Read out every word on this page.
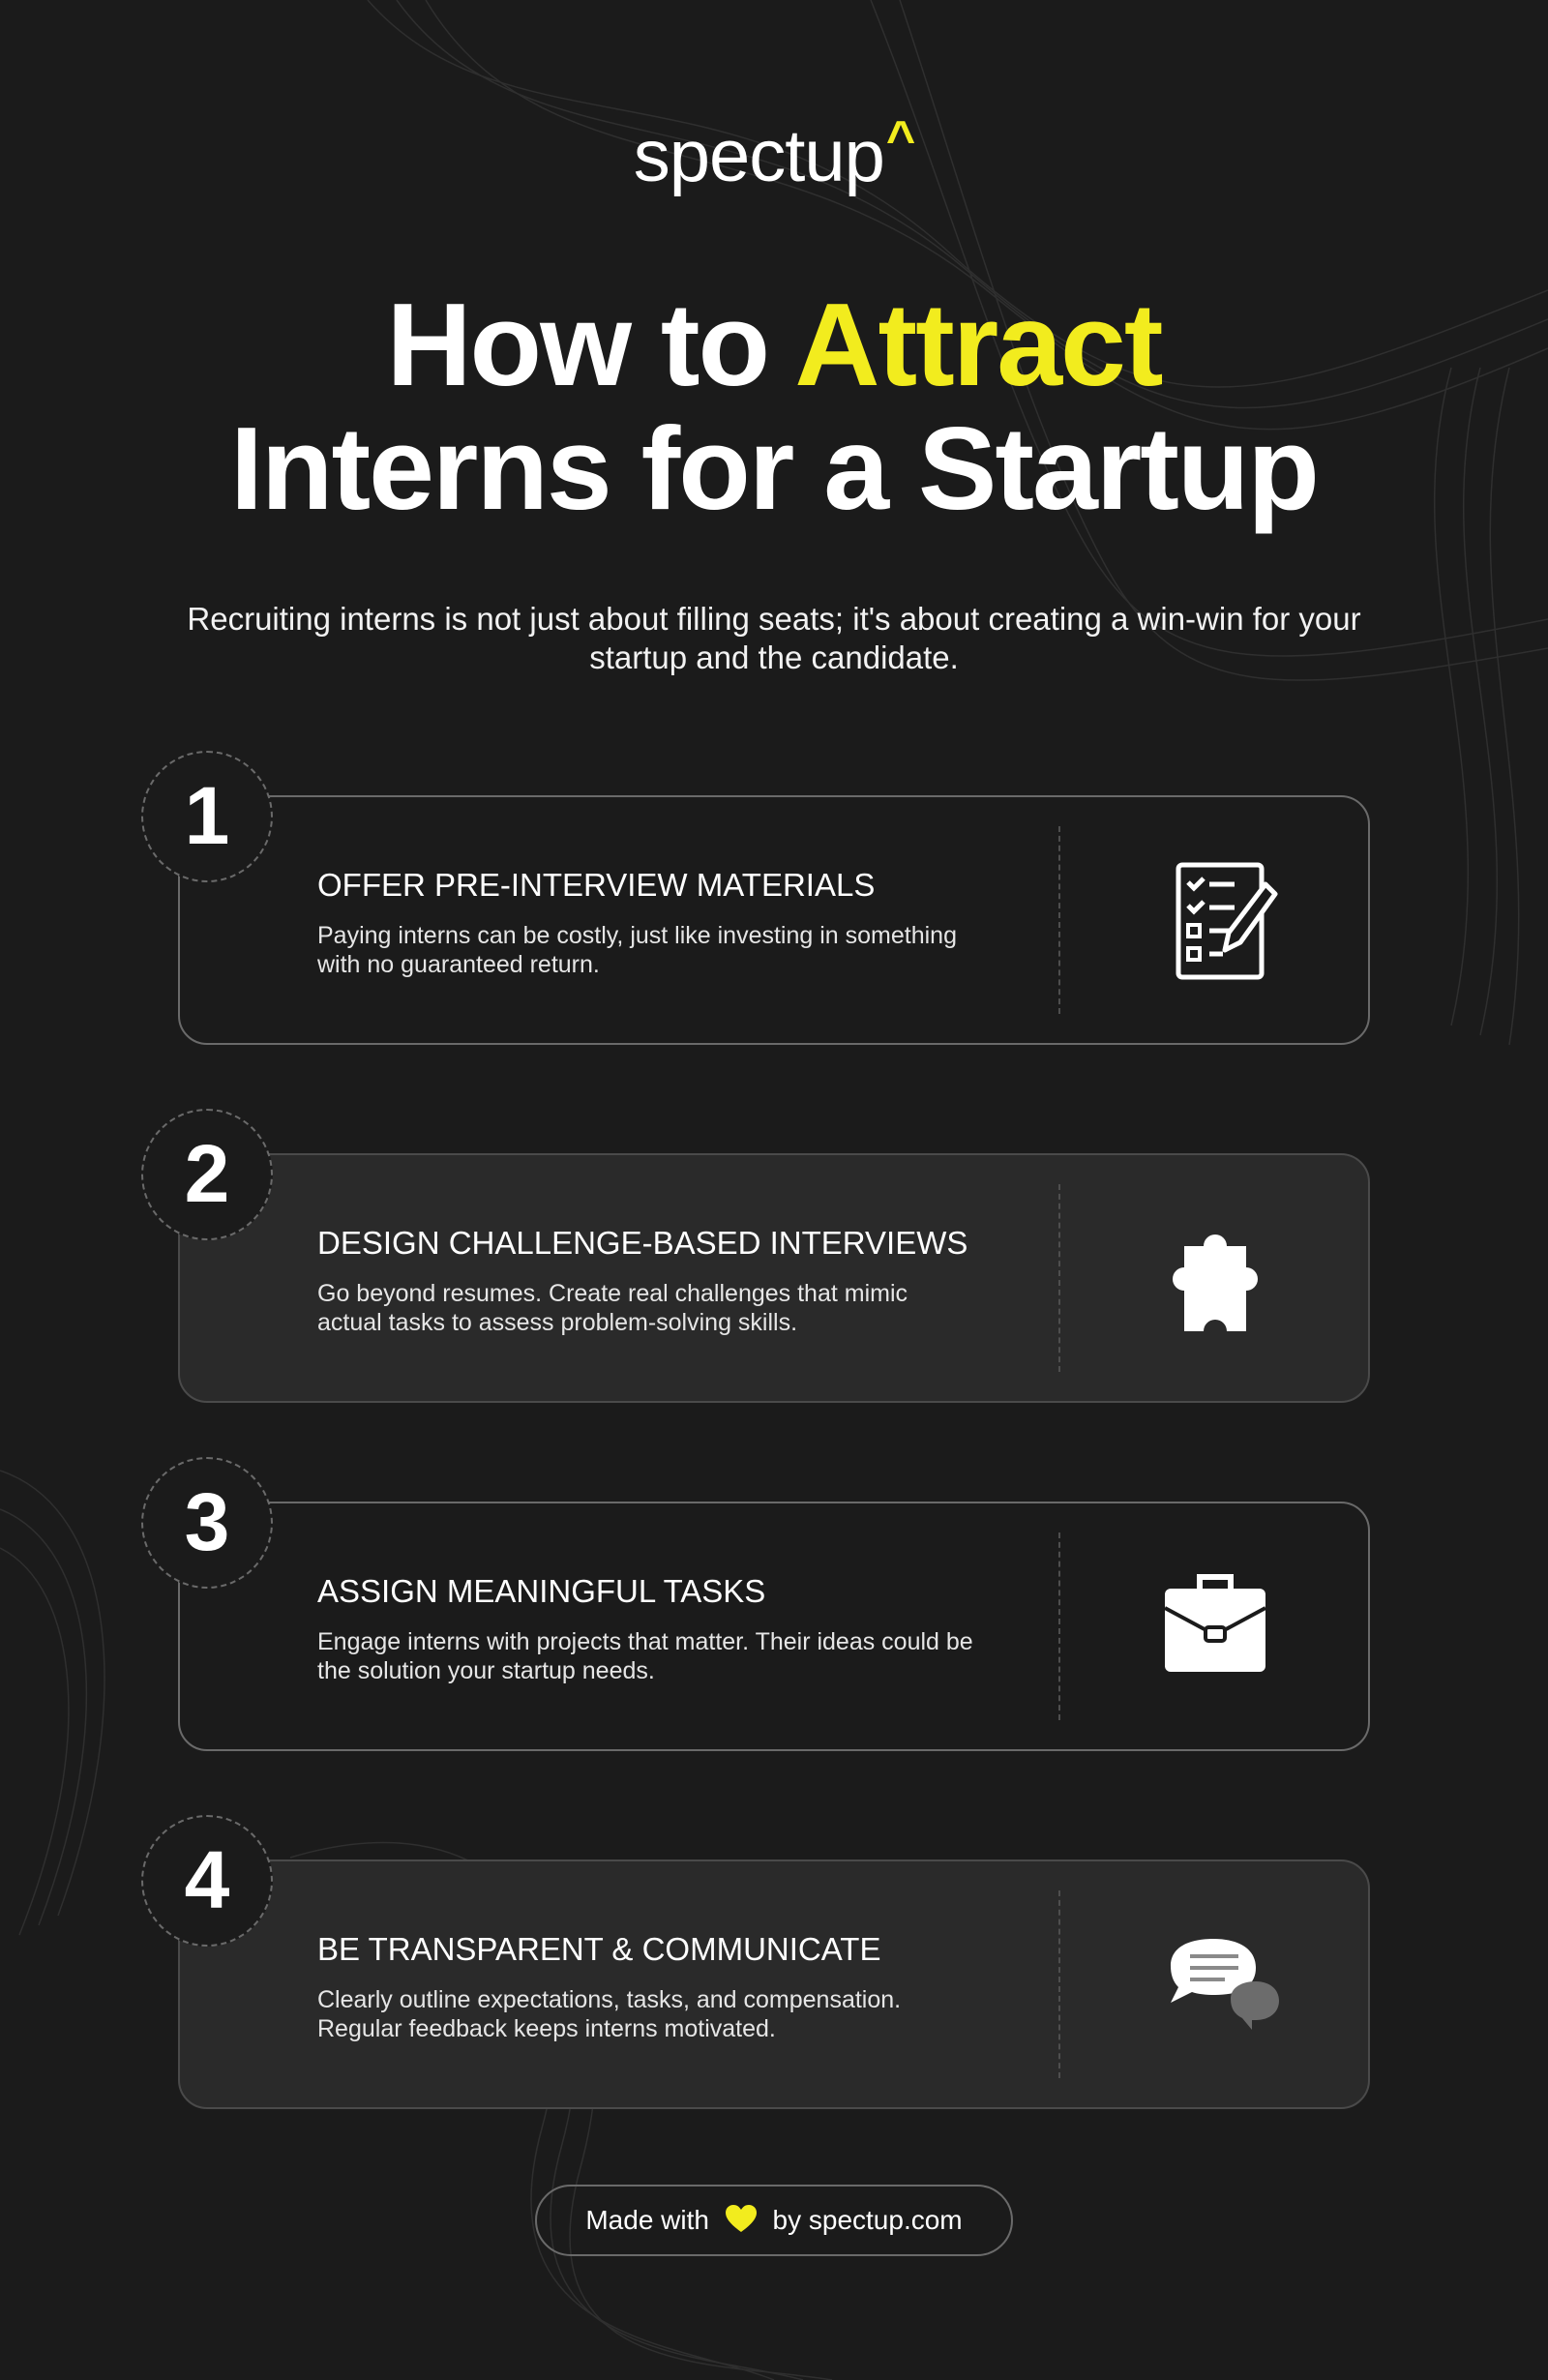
spectup^
How to Attract
Interns for a Startup
Recruiting interns is not just about filling seats; it's about creating a win-win for your startup and the candidate.
OFFER PRE-INTERVIEW MATERIALS
Paying interns can be costly, just like investing in something with no guaranteed return.
1
DESIGN CHALLENGE-BASED INTERVIEWS
Go beyond resumes. Create real challenges that mimic actual tasks to assess problem-solving skills.
2
ASSIGN MEANINGFUL TASKS
Engage interns with projects that matter. Their ideas could be the solution your startup needs.
3
BE TRANSPARENT & COMMUNICATE
Clearly outline expectations, tasks, and compensation. Regular feedback keeps interns motivated.
4
Made with by spectup.com
